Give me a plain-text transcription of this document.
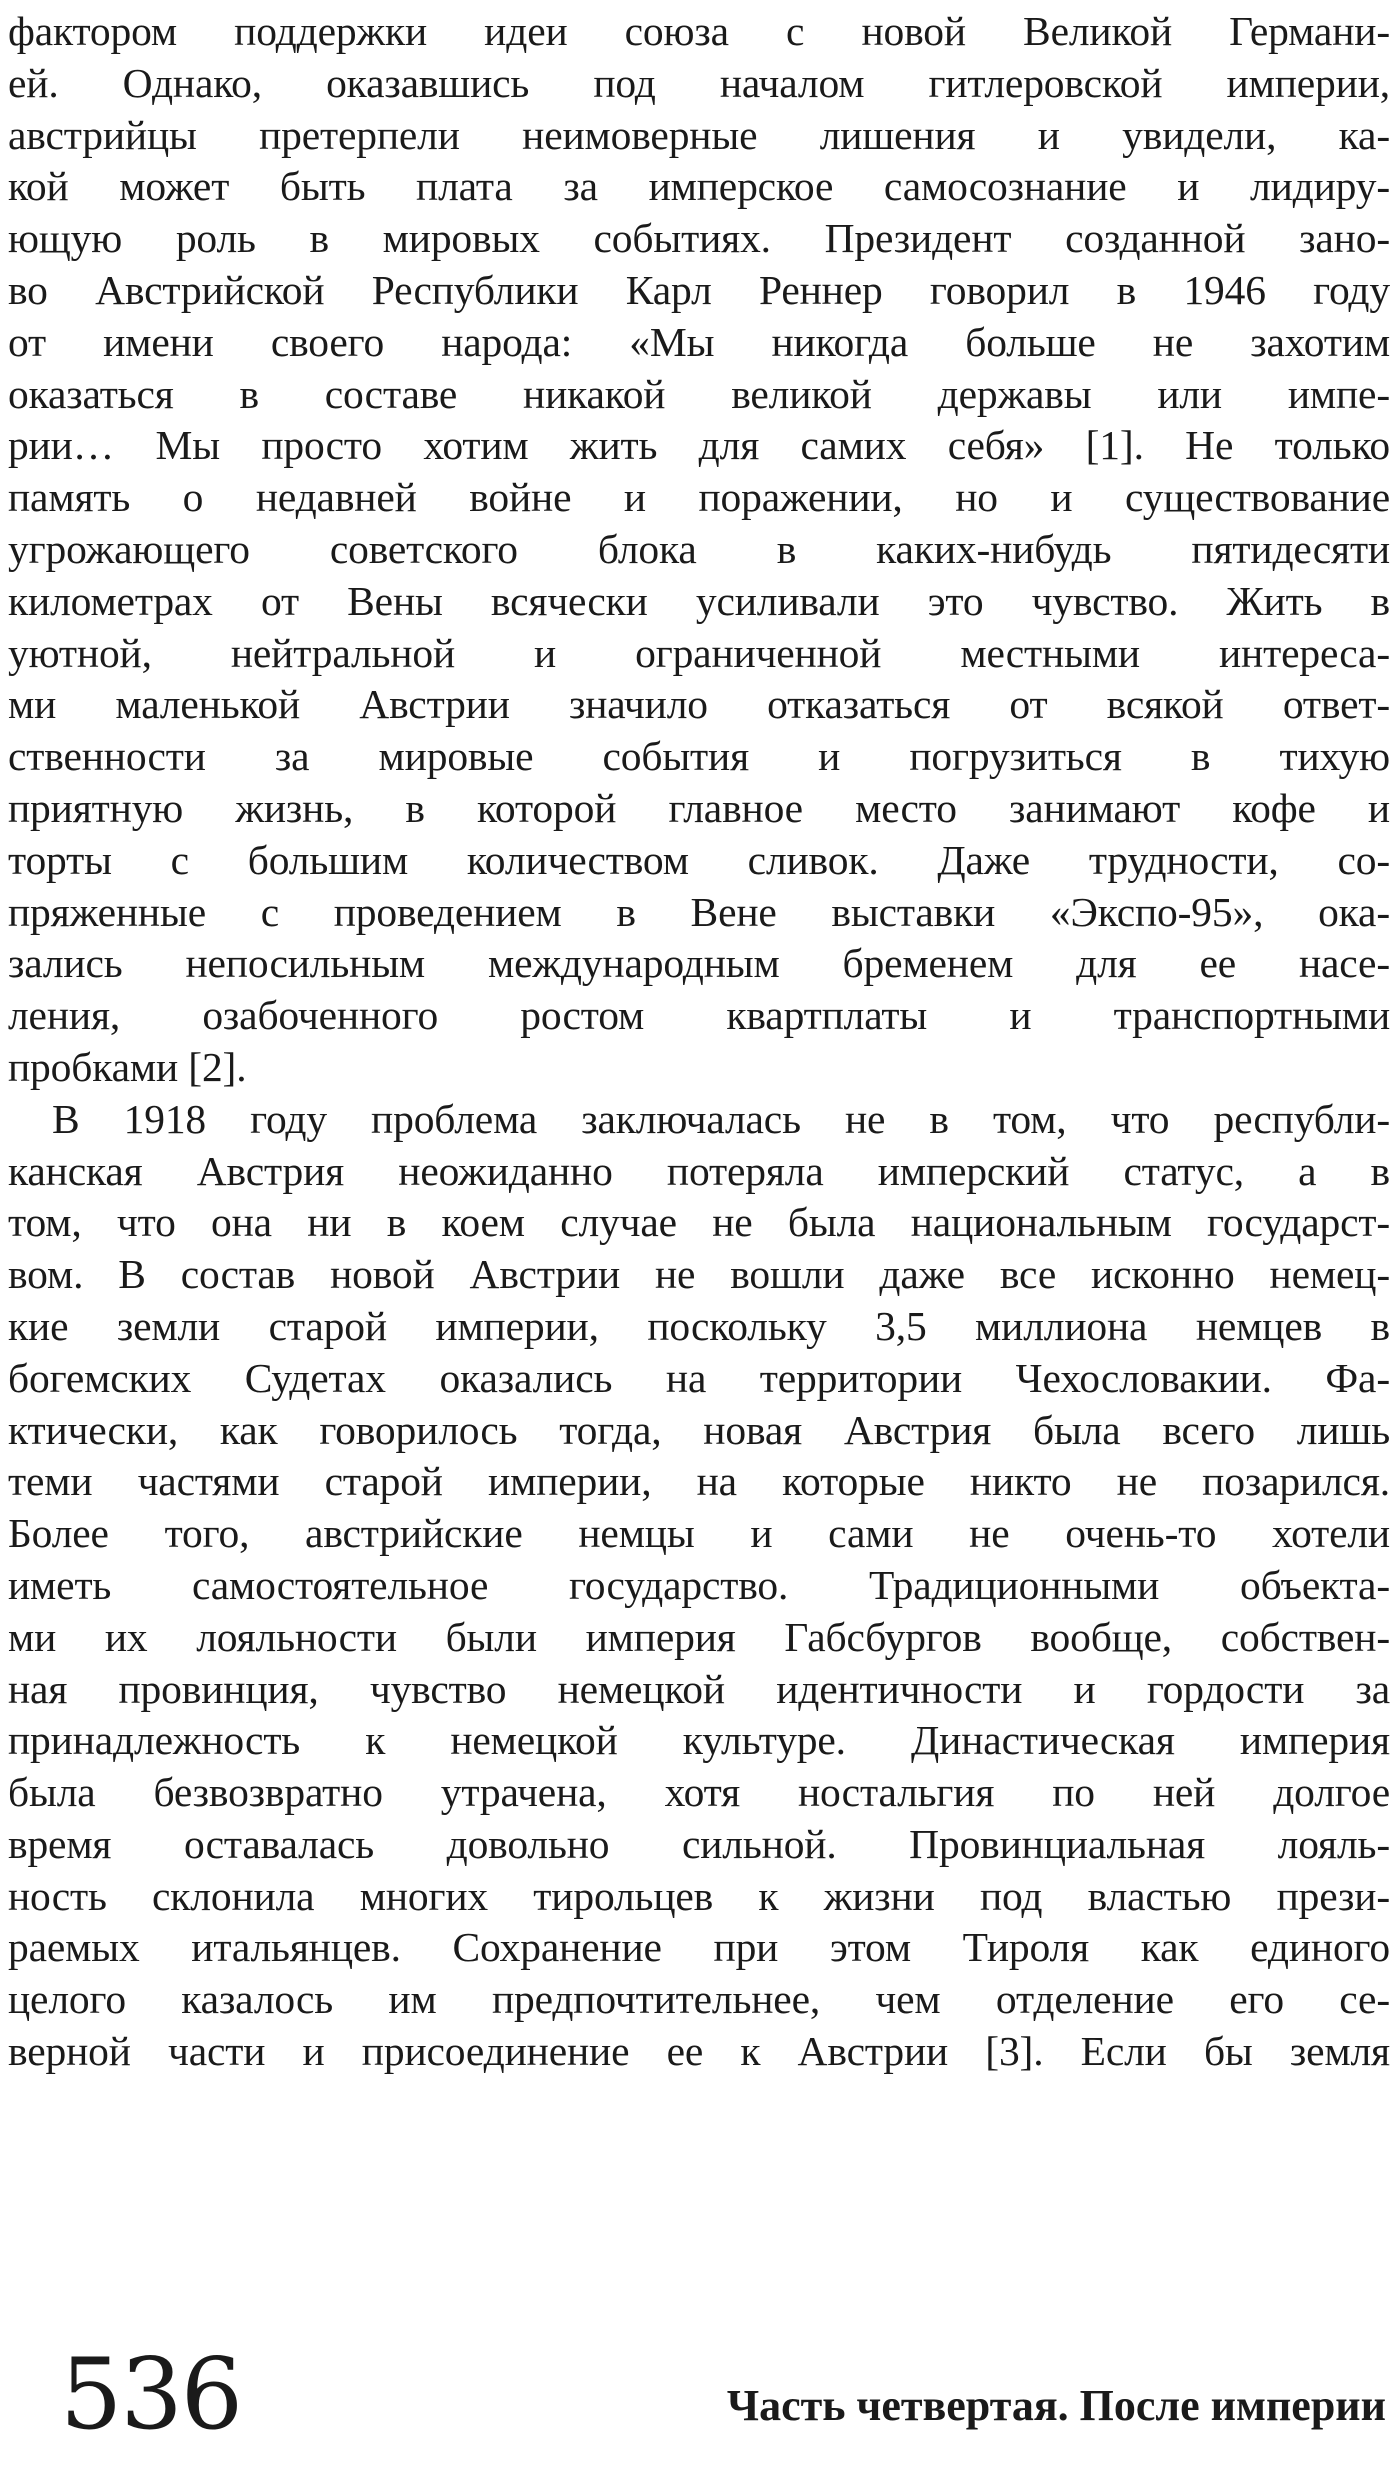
фактором поддержки идеи союза с новой Великой Германи-
ей. Однако, оказавшись под началом гитлеровской империи,
австрийцы претерпели неимоверные лишения и увидели, ка-
кой может быть плата за имперское самосознание и лидиру-
ющую роль в мировых событиях. Президент созданной зано-
во Австрийской Республики Карл Реннер говорил в 1946 году
от имени своего народа: «Мы никогда больше не захотим
оказаться в составе никакой великой державы или импе-
рии… Мы просто хотим жить для самих себя» [1]. Не только
память о недавней войне и поражении, но и существование
угрожающего советского блока в каких-нибудь пятидесяти
километрах от Вены всячески усиливали это чувство. Жить в
уютной, нейтральной и ограниченной местными интереса-
ми маленькой Австрии значило отказаться от всякой ответ-
ственности за мировые события и погрузиться в тихую
приятную жизнь, в которой главное место занимают кофе и
торты с большим количеством сливок. Даже трудности, со-
пряженные с проведением в Вене выставки «Экспо-95», ока-
зались непосильным международным бременем для ее насе-
ления, озабоченного ростом квартплаты и транспортными
пробками [2].
В 1918 году проблема заключалась не в том, что республи-
канская Австрия неожиданно потеряла имперский статус, а в
том, что она ни в коем случае не была национальным государст-
вом. В состав новой Австрии не вошли даже все исконно немец-
кие земли старой империи, поскольку 3,5 миллиона немцев в
богемских Судетах оказались на территории Чехословакии. Фа-
ктически, как говорилось тогда, новая Австрия была всего лишь
теми частями старой империи, на которые никто не позарился.
Более того, австрийские немцы и сами не очень-то хотели
иметь самостоятельное государство. Традиционными объекта-
ми их лояльности были империя Габсбургов вообще, собствен-
ная провинция, чувство немецкой идентичности и гордости за
принадлежность к немецкой культуре. Династическая империя
была безвозвратно утрачена, хотя ностальгия по ней долгое
время оставалась довольно сильной. Провинциальная лояль-
ность склонила многих тирольцев к жизни под властью прези-
раемых итальянцев. Сохранение при этом Тироля как единого
целого казалось им предпочтительнее, чем отделение его се-
верной части и присоединение ее к Австрии [3]. Если бы земля
536	Часть четвертая. После империи
